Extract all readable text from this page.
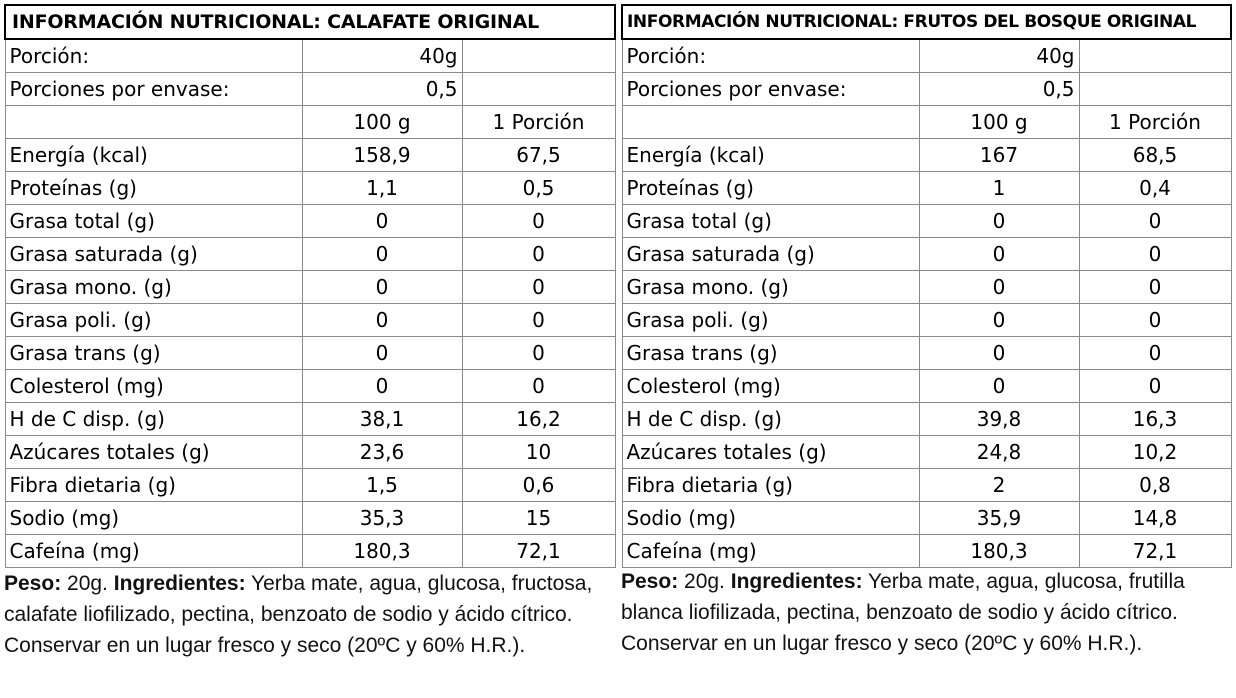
INFORMACIÓN NUTRICIONAL: CALAFATE ORIGINAL		
Porción:	40g	
Porciones por envase:	0,5	
	100 g	1 Porción
Energía (kcal)	158,9	67,5
Proteínas (g)	1,1	0,5
Grasa total (g)	0	0
Grasa saturada (g)	0	0
Grasa mono. (g)	0	0
Grasa poli. (g)	0	0
Grasa trans (g)	0	0
Colesterol (mg)	0	0
H de C disp. (g)	38,1	16,2
Azúcares totales (g)	23,6	10
Fibra dietaria (g)	1,5	0,6
Sodio (mg)	35,3	15
Cafeína (mg)	180,3	72,1
INFORMACIÓN NUTRICIONAL: FRUTOS DEL BOSQUE ORIGINAL		
Porción:	40g	
Porciones por envase:	0,5	
	100 g	1 Porción
Energía (kcal)	167	68,5
Proteínas (g)	1	0,4
Grasa total (g)	0	0
Grasa saturada (g)	0	0
Grasa mono. (g)	0	0
Grasa poli. (g)	0	0
Grasa trans (g)	0	0
Colesterol (mg)	0	0
H de C disp. (g)	39,8	16,3
Azúcares totales (g)	24,8	10,2
Fibra dietaria (g)	2	0,8
Sodio (mg)	35,9	14,8
Cafeína (mg)	180,3	72,1
Peso: 20g. Ingredientes: Yerba mate, agua, glucosa, fructosa, calafate liofilizado, pectina, benzoato de sodio y ácido cítrico. Conservar en un lugar fresco y seco (20ºC y 60% H.R.).
Peso: 20g. Ingredientes: Yerba mate, agua, glucosa, frutilla blanca liofilizada, pectina, benzoato de sodio y ácido cítrico. Conservar en un lugar fresco y seco (20ºC y 60% H.R.).
